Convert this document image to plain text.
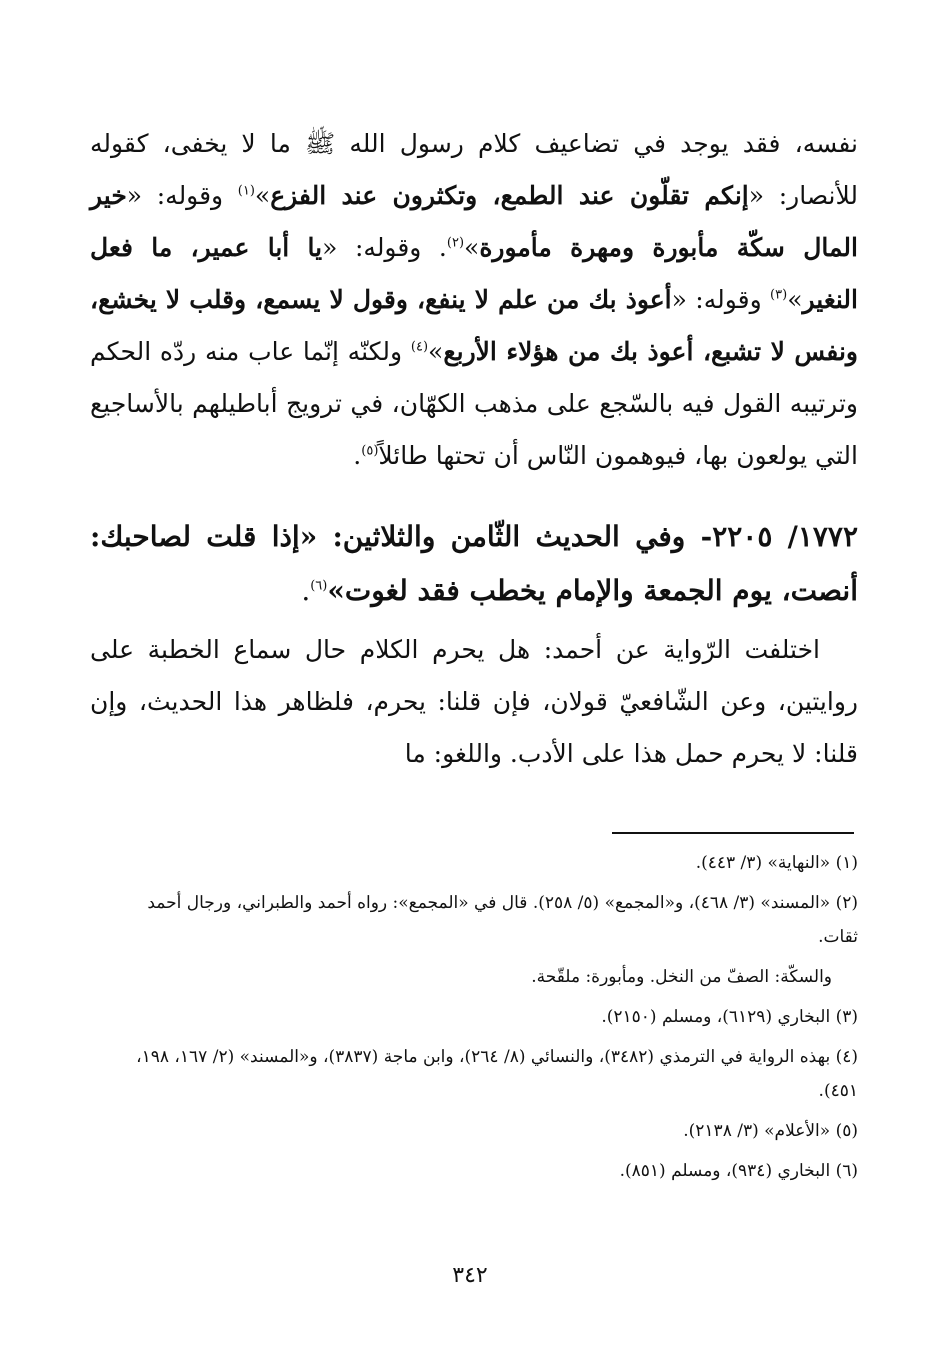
نفسه، فقد يوجد في تضاعيف كلام رسول الله ﷺ ما لا يخفى، كقوله للأنصار: «إنكم تقلّون عند الطمع، وتكثرون عند الفزع»$^{(١)}$ وقوله: «خير المال سكّة مأبورة ومهرة مأمورة»$^{(٢)}$. وقوله: «يا أبا عمير، ما فعل النغير»$^{(٣)}$ وقوله: «أعوذ بك من علم لا ينفع، وقول لا يسمع، وقلب لا يخشع، ونفس لا تشبع، أعوذ بك من هؤلاء الأربع»$^{(٤)}$ ولكنّه إنّما عاب منه ردّه الحكم وترتيبه القول فيه بالسّجع على مذهب الكهّان، في ترويج أباطيلهم بالأساجيع التي يولعون بها، فيوهمون النّاس أن تحتها طائلاً$^{(٥)}$.

١٧٧٢/ ٢٢٠٥- وفي الحديث الثّامن والثلاثين: «إذا قلت لصاحبك: أنصت، يوم الجمعة والإمام يخطب فقد لغوت»$^{(٦)}$.

اختلفت الرّواية عن أحمد: هل يحرم الكلام حال سماع الخطبة على روايتين، وعن الشّافعيّ قولان، فإن قلنا: يحرم، فلظاهر هذا الحديث، وإن قلنا: لا يحرم حمل هذا على الأدب. واللغو: ما

(١) «النهاية» (٣/ ٤٤٣).

(٢) «المسند» (٣/ ٤٦٨)، و«المجمع» (٥/ ٢٥٨). قال في «المجمع»: رواه أحمد والطبراني، ورجال أحمد ثقات.

والسكّة: الصفّ من النخل. ومأبورة: ملقّحة.

(٣) البخاري (٦١٢٩)، ومسلم (٢١٥٠).

(٤) بهذه الرواية في الترمذي (٣٤٨٢)، والنسائي (٨/ ٢٦٤)، وابن ماجة (٣٨٣٧)، و«المسند» (٢/ ١٦٧، ١٩٨، ٤٥١).

(٥) «الأعلام» (٣/ ٢١٣٨).

(٦) البخاري (٩٣٤)، ومسلم (٨٥١).

٣٤٢
